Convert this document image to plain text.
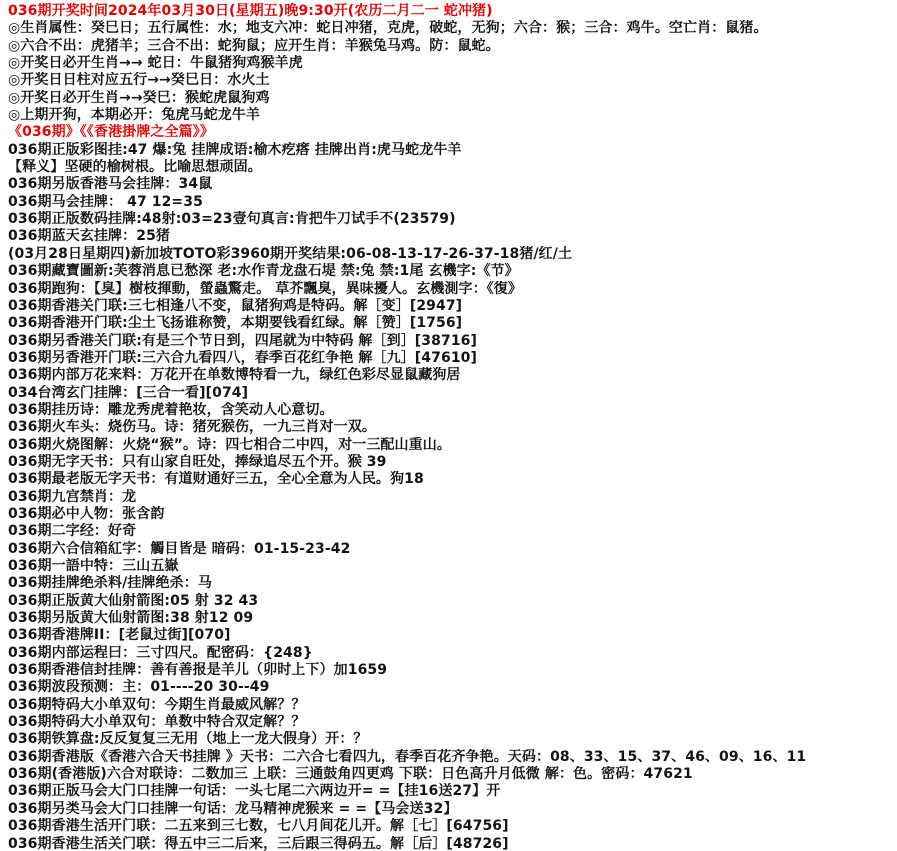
036期开奖时间2024年03月30日(星期五)晚9:30开(农历二月二一 蛇冲猪)
◎生肖属性：癸巳日；五行属性：水；地支六冲：蛇日冲猪，克虎，破蛇，无狗；六合：猴；三合：鸡牛。空亡肖：鼠猪。
◎六合不出：虎猪羊；三合不出：蛇狗鼠；应开生肖：羊猴兔马鸡。防：鼠蛇。
◎开奖日必开生肖→→ 蛇日：牛鼠猪狗鸡猴羊虎
◎开奖日日柱对应五行→→癸巳日：水火土
◎开奖日必开生肖→→癸巳：猴蛇虎鼠狗鸡
◎上期开狗，本期必开：兔虎马蛇龙牛羊
《036期》《《香港掛牌之全篇》》
036期正版彩图挂:47 爆:兔 挂牌成语:榆木疙瘩 挂牌出肖:虎马蛇龙牛羊
【释义】坚硬的榆树根。比喻思想顽固。
036期另版香港马会挂牌：34鼠
036期马会挂牌： 47 12=35
036期正版数码挂牌:48射:03=23壹句真言:肯把牛刀试手不(23579)
036期蓝天玄挂牌：25猪
(03月28日星期四)新加坡TOTO彩3960期开奖结果:06-08-13-17-26-37-18猪/红/土
036期藏寶圖新:芙蓉消息已愁深 老:水作青龙盘石堤 禁:兔 禁:1尾 玄機字:《节》
036期跑狗：【臭】樹枝揮動，螢蟲驚走。 草芥飄臭，異味擾人。玄機測字：《復》
036期香港关门联:三七相逢八不变，鼠猪狗鸡是特码。解［变］[2947]
036期香港开门联:尘土飞扬谁称赞，本期要钱看红绿。解［赞］[1756]
036期另香港关门联:有是三个节日到，四尾就为中特码 解［到］[38716]
036期另香港开门联:三六合九看四八，春季百花红争艳 解［九］[47610]
036期内部万花来料：万花开在单数博特看一九，绿红色彩尽显鼠藏狗居
034台湾玄门挂牌：[三合一看][074]
036期挂历诗：雕龙秀虎着艳妆，含笑动人心意切。
036期火车头：烧伤马。诗：猪死猴伤，一九三肖对一双。
036期火烧图解：火烧“猴”。诗：四七相合二中四，对一三配山重山。
036期无字天书：只有山家自旺处，捧绿追尽五个开。猴 39
036期最老版无字天书：有道财通好三五，全心全意为人民。狗18
036期九宫禁肖：龙
036期必中人物：张含韵
036期二字经：好奇
036期六合信箱紅字：觸目皆是 暗码：01-15-23-42
036期一語中特：三山五嶽
036期挂牌绝杀料/挂牌绝杀：马
036期正版黄大仙射箭图:05 射 32 43
036期另版黄大仙射箭图:38 射12 09
036期香港牌II：[老鼠过街][070]
036期内部运程曰：三寸四尺。配密码：{248}
036期香港信封挂牌：善有善报是羊儿（卯时上下）加1659
036期波段预测：主：01----20 30--49
036期特码大小单双句：今期生肖最威风解？？
036期特码大小单双句：单数中特合双定解？？
036期铁算盘:反反复复三无用（地上一龙大假身）开：？
036期香港版《香港六合天书挂牌 》天书：二六合七看四九，春季百花齐争艳。天码：08、33、15、37、46、09、16、11
036期(香港版)六合对联诗：二数加三 上联：三通鼓角四更鸡 下联：日色高升月低微 解：色。密码：47621
036期正版马会大门口挂牌一句话：一头七尾二六两边开= =【挂16送27】开
036期另类马会大门口挂牌一句话：龙马精神虎猴来 = =【马会送32】
036期香港生活开门联：二五来到三七数，七八月间花儿开。解［七］[64756]
036期香港生活关门联：得五中三二后来，三后跟三得码五。解［后］[48726]
